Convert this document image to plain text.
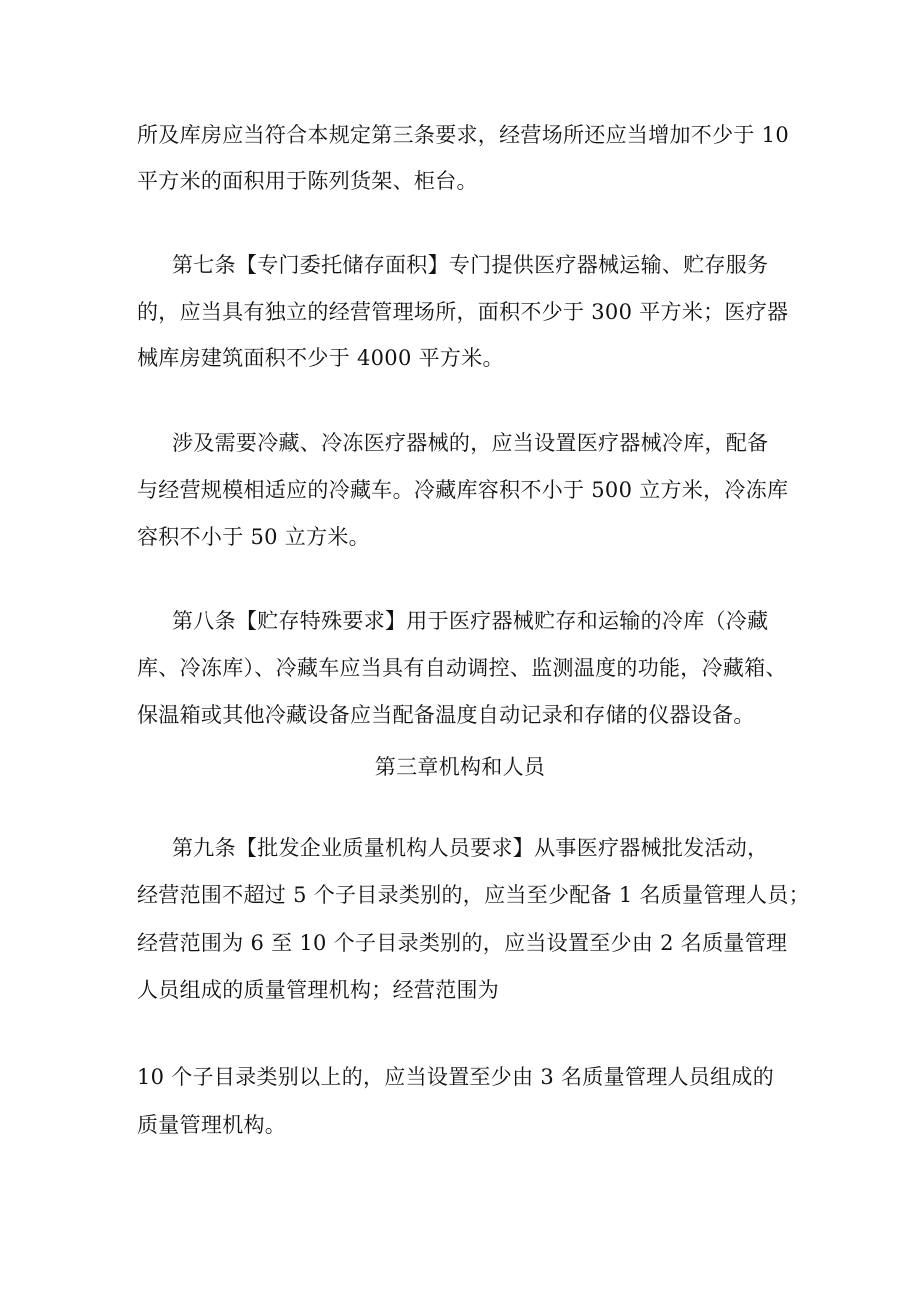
所及库房应当符合本规定第三条要求，经营场所还应当增加不少于 10
平方米的面积用于陈列货架、柜台。
第七条【专门委托储存面积】专门提供医疗器械运输、贮存服务
的，应当具有独立的经营管理场所，面积不少于 300 平方米；医疗器
械库房建筑面积不少于 4000 平方米。
涉及需要冷藏、冷冻医疗器械的，应当设置医疗器械冷库，配备
与经营规模相适应的冷藏车。冷藏库容积不小于 500 立方米，冷冻库
容积不小于 50 立方米。
第八条【贮存特殊要求】用于医疗器械贮存和运输的冷库（冷藏
库、冷冻库）、冷藏车应当具有自动调控、监测温度的功能，冷藏箱、
保温箱或其他冷藏设备应当配备温度自动记录和存储的仪器设备。
第三章机构和人员
第九条【批发企业质量机构人员要求】从事医疗器械批发活动，
经营范围不超过 5 个子目录类别的，应当至少配备 1 名质量管理人员；
经营范围为 6 至 10 个子目录类别的，应当设置至少由 2 名质量管理
人员组成的质量管理机构；经营范围为
10 个子目录类别以上的，应当设置至少由 3 名质量管理人员组成的
质量管理机构。
